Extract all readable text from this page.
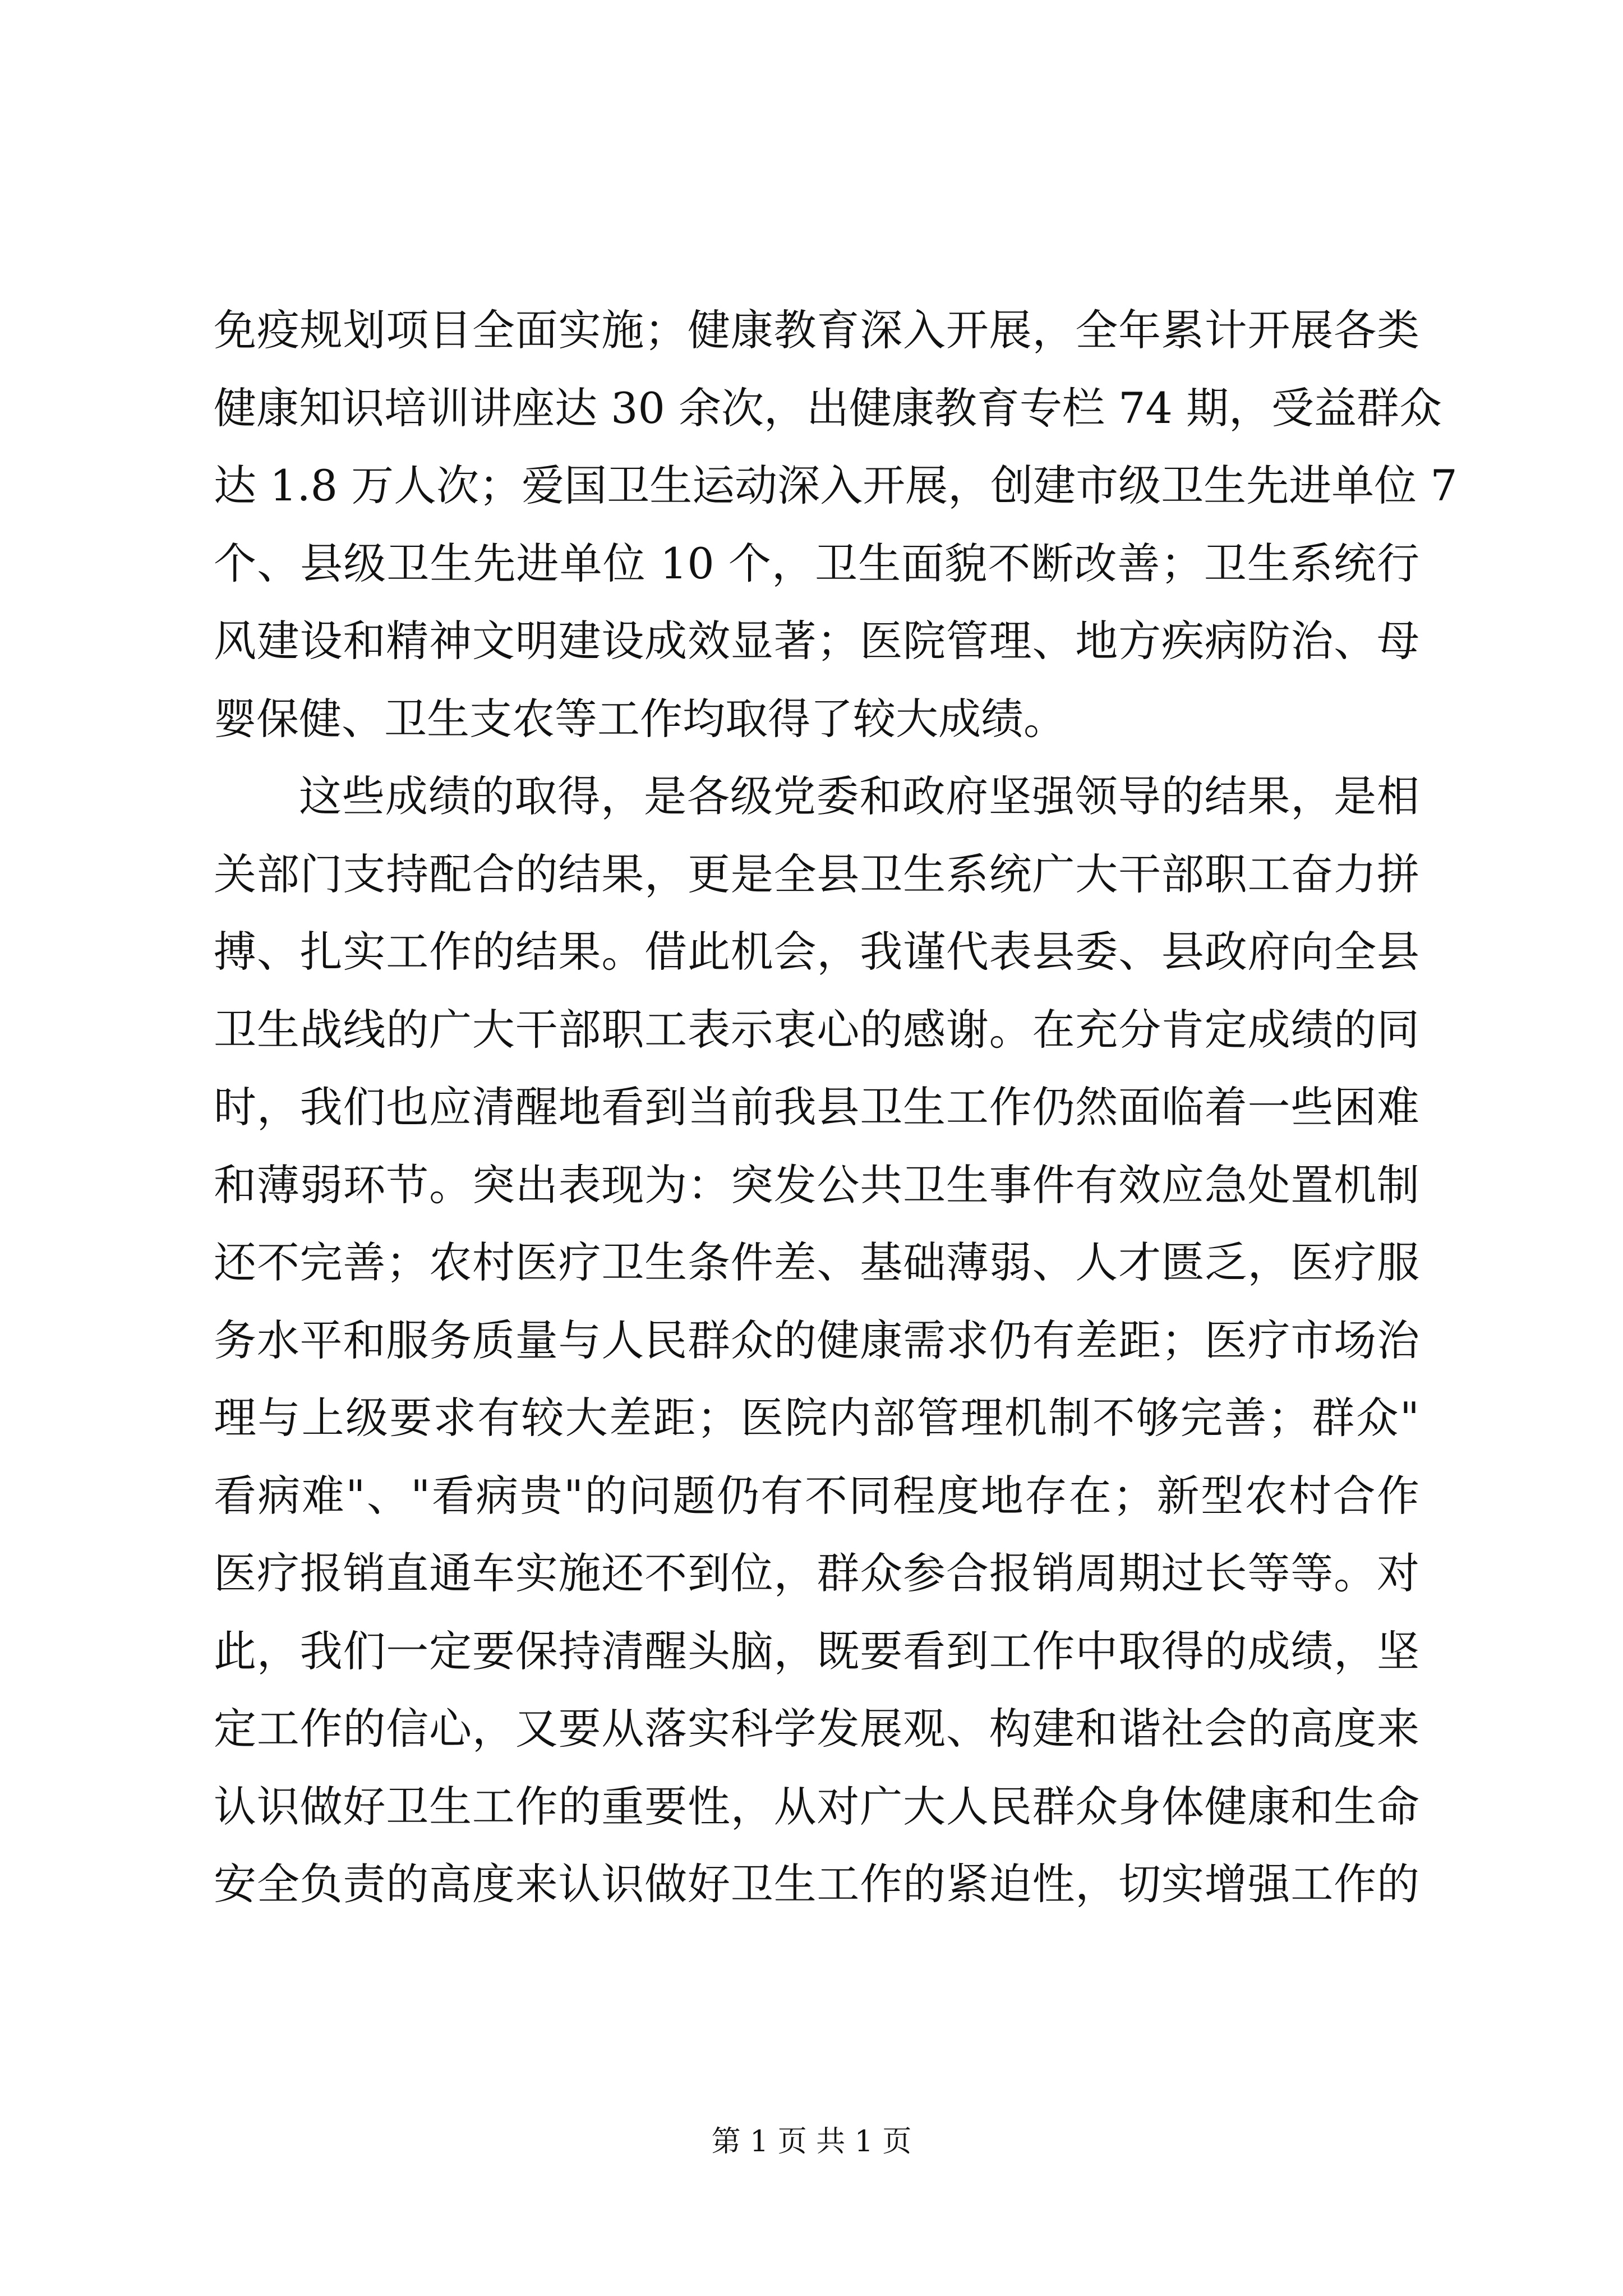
免疫规划项目全面实施；健康教育深入开展，全年累计开展各类
健康知识培训讲座达 30 余次，出健康教育专栏 74 期，受益群众
达 1.8 万人次；爱国卫生运动深入开展，创建市级卫生先进单位 7
个、县级卫生先进单位 10 个，卫生面貌不断改善；卫生系统行
风建设和精神文明建设成效显著；医院管理、地方疾病防治、母
婴保健、卫生支农等工作均取得了较大成绩。
这些成绩的取得，是各级党委和政府坚强领导的结果，是相
关部门支持配合的结果，更是全县卫生系统广大干部职工奋力拼
搏、扎实工作的结果。借此机会，我谨代表县委、县政府向全县
卫生战线的广大干部职工表示衷心的感谢。在充分肯定成绩的同
时，我们也应清醒地看到当前我县卫生工作仍然面临着一些困难
和薄弱环节。突出表现为：突发公共卫生事件有效应急处置机制
还不完善；农村医疗卫生条件差、基础薄弱、人才匮乏，医疗服
务水平和服务质量与人民群众的健康需求仍有差距；医疗市场治
理与上级要求有较大差距；医院内部管理机制不够完善；群众"
看病难"、"看病贵"的问题仍有不同程度地存在；新型农村合作
医疗报销直通车实施还不到位，群众参合报销周期过长等等。对
此，我们一定要保持清醒头脑，既要看到工作中取得的成绩，坚
定工作的信心，又要从落实科学发展观、构建和谐社会的高度来
认识做好卫生工作的重要性，从对广大人民群众身体健康和生命
安全负责的高度来认识做好卫生工作的紧迫性，切实增强工作的
第 1 页 共 1 页
